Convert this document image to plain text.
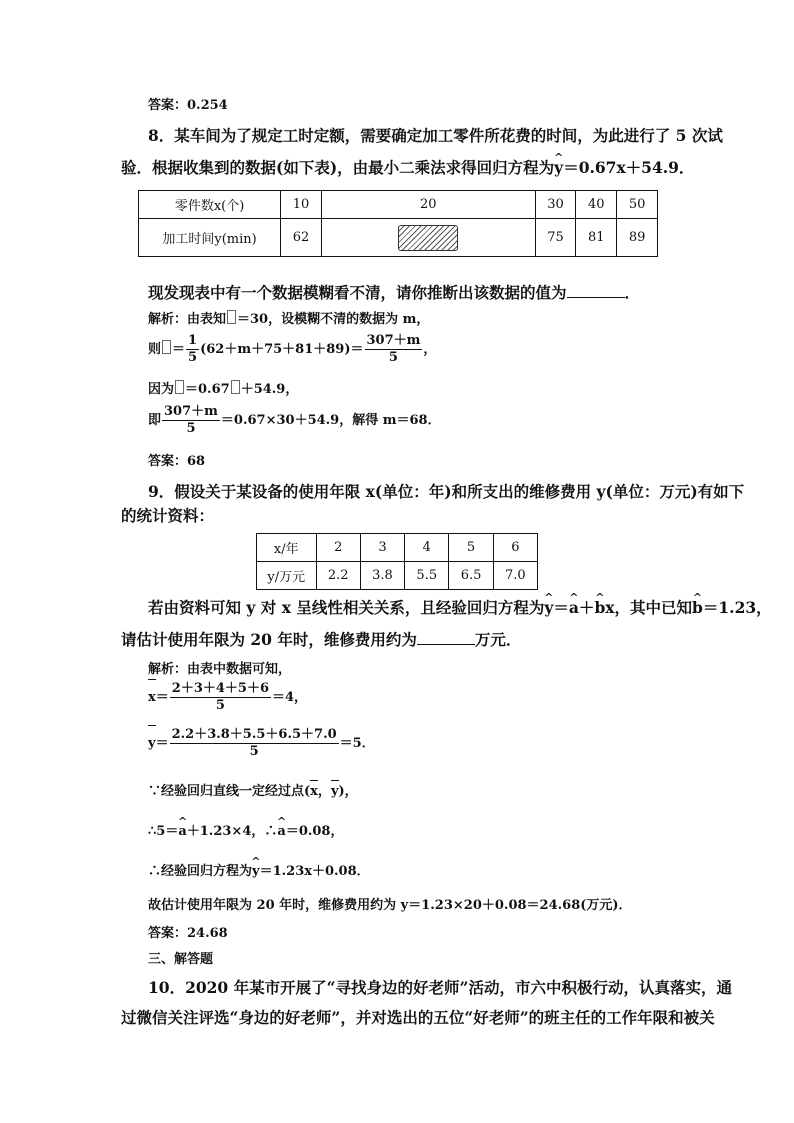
答案：0.254
8．某车间为了规定工时定额，需要确定加工零件所花费的时间，为此进行了 5 次试
验．根据收集到的数据(如下表)，由最小二乘法求得回归方程为^ y＝0.67x＋54.9．
零件数x(个)	10	20	30	40	50
加工时间y(min)	62		75	81	89
现发现表中有一个数据模糊看不清，请你推断出该数据的值为	．
解析：由表知 ＝30，设模糊不清的数据为 m，
则 ＝ $\frac{1}{5} (62+m+75+81+89)= \frac{307+m}{5}$ ，
因为 ＝0.67 ＋54.9，
即 $\frac{307+m}{5} =0.67\times 30+54.9$，解得 m＝68．
答案：68
9．假设关于某设备的使用年限 x(单位：年)和所支出的维修费用 y(单位：万元)有如下
的统计资料：
x/年	2	3	4	5	6
y/万元	2.2	3.8	5.5	6.5	7.0
若由资料可知 y 对 x 呈线性相关关系，且经验回归方程为^ y＝^ a＋^ bx，其中已知^ b＝1.23，
请估计使用年限为 20 年时，维修费用约为	万元．
解析：由表中数据可知，
$x= \frac{2+3+4+5+6}{5} =4$，
$y= \frac{2.2+3.8+5.5+6.5+7.0}{5} =5$．
∵经验回归直线一定经过点(x，y)，
∴5＝^ a＋1.23×4，∴^ a＝0.08，
∴经验回归方程为^ y＝1.23x＋0.08．
故估计使用年限为 20 年时，维修费用约为 y＝1.23×20＋0.08＝24.68(万元)．
答案：24.68
三、解答题
10．2020 年某市开展了“寻找身边的好老师”活动，市六中积极行动，认真落实，通
过微信关注评选“身边的好老师”，并对选出的五位“好老师”的班主任的工作年限和被关
